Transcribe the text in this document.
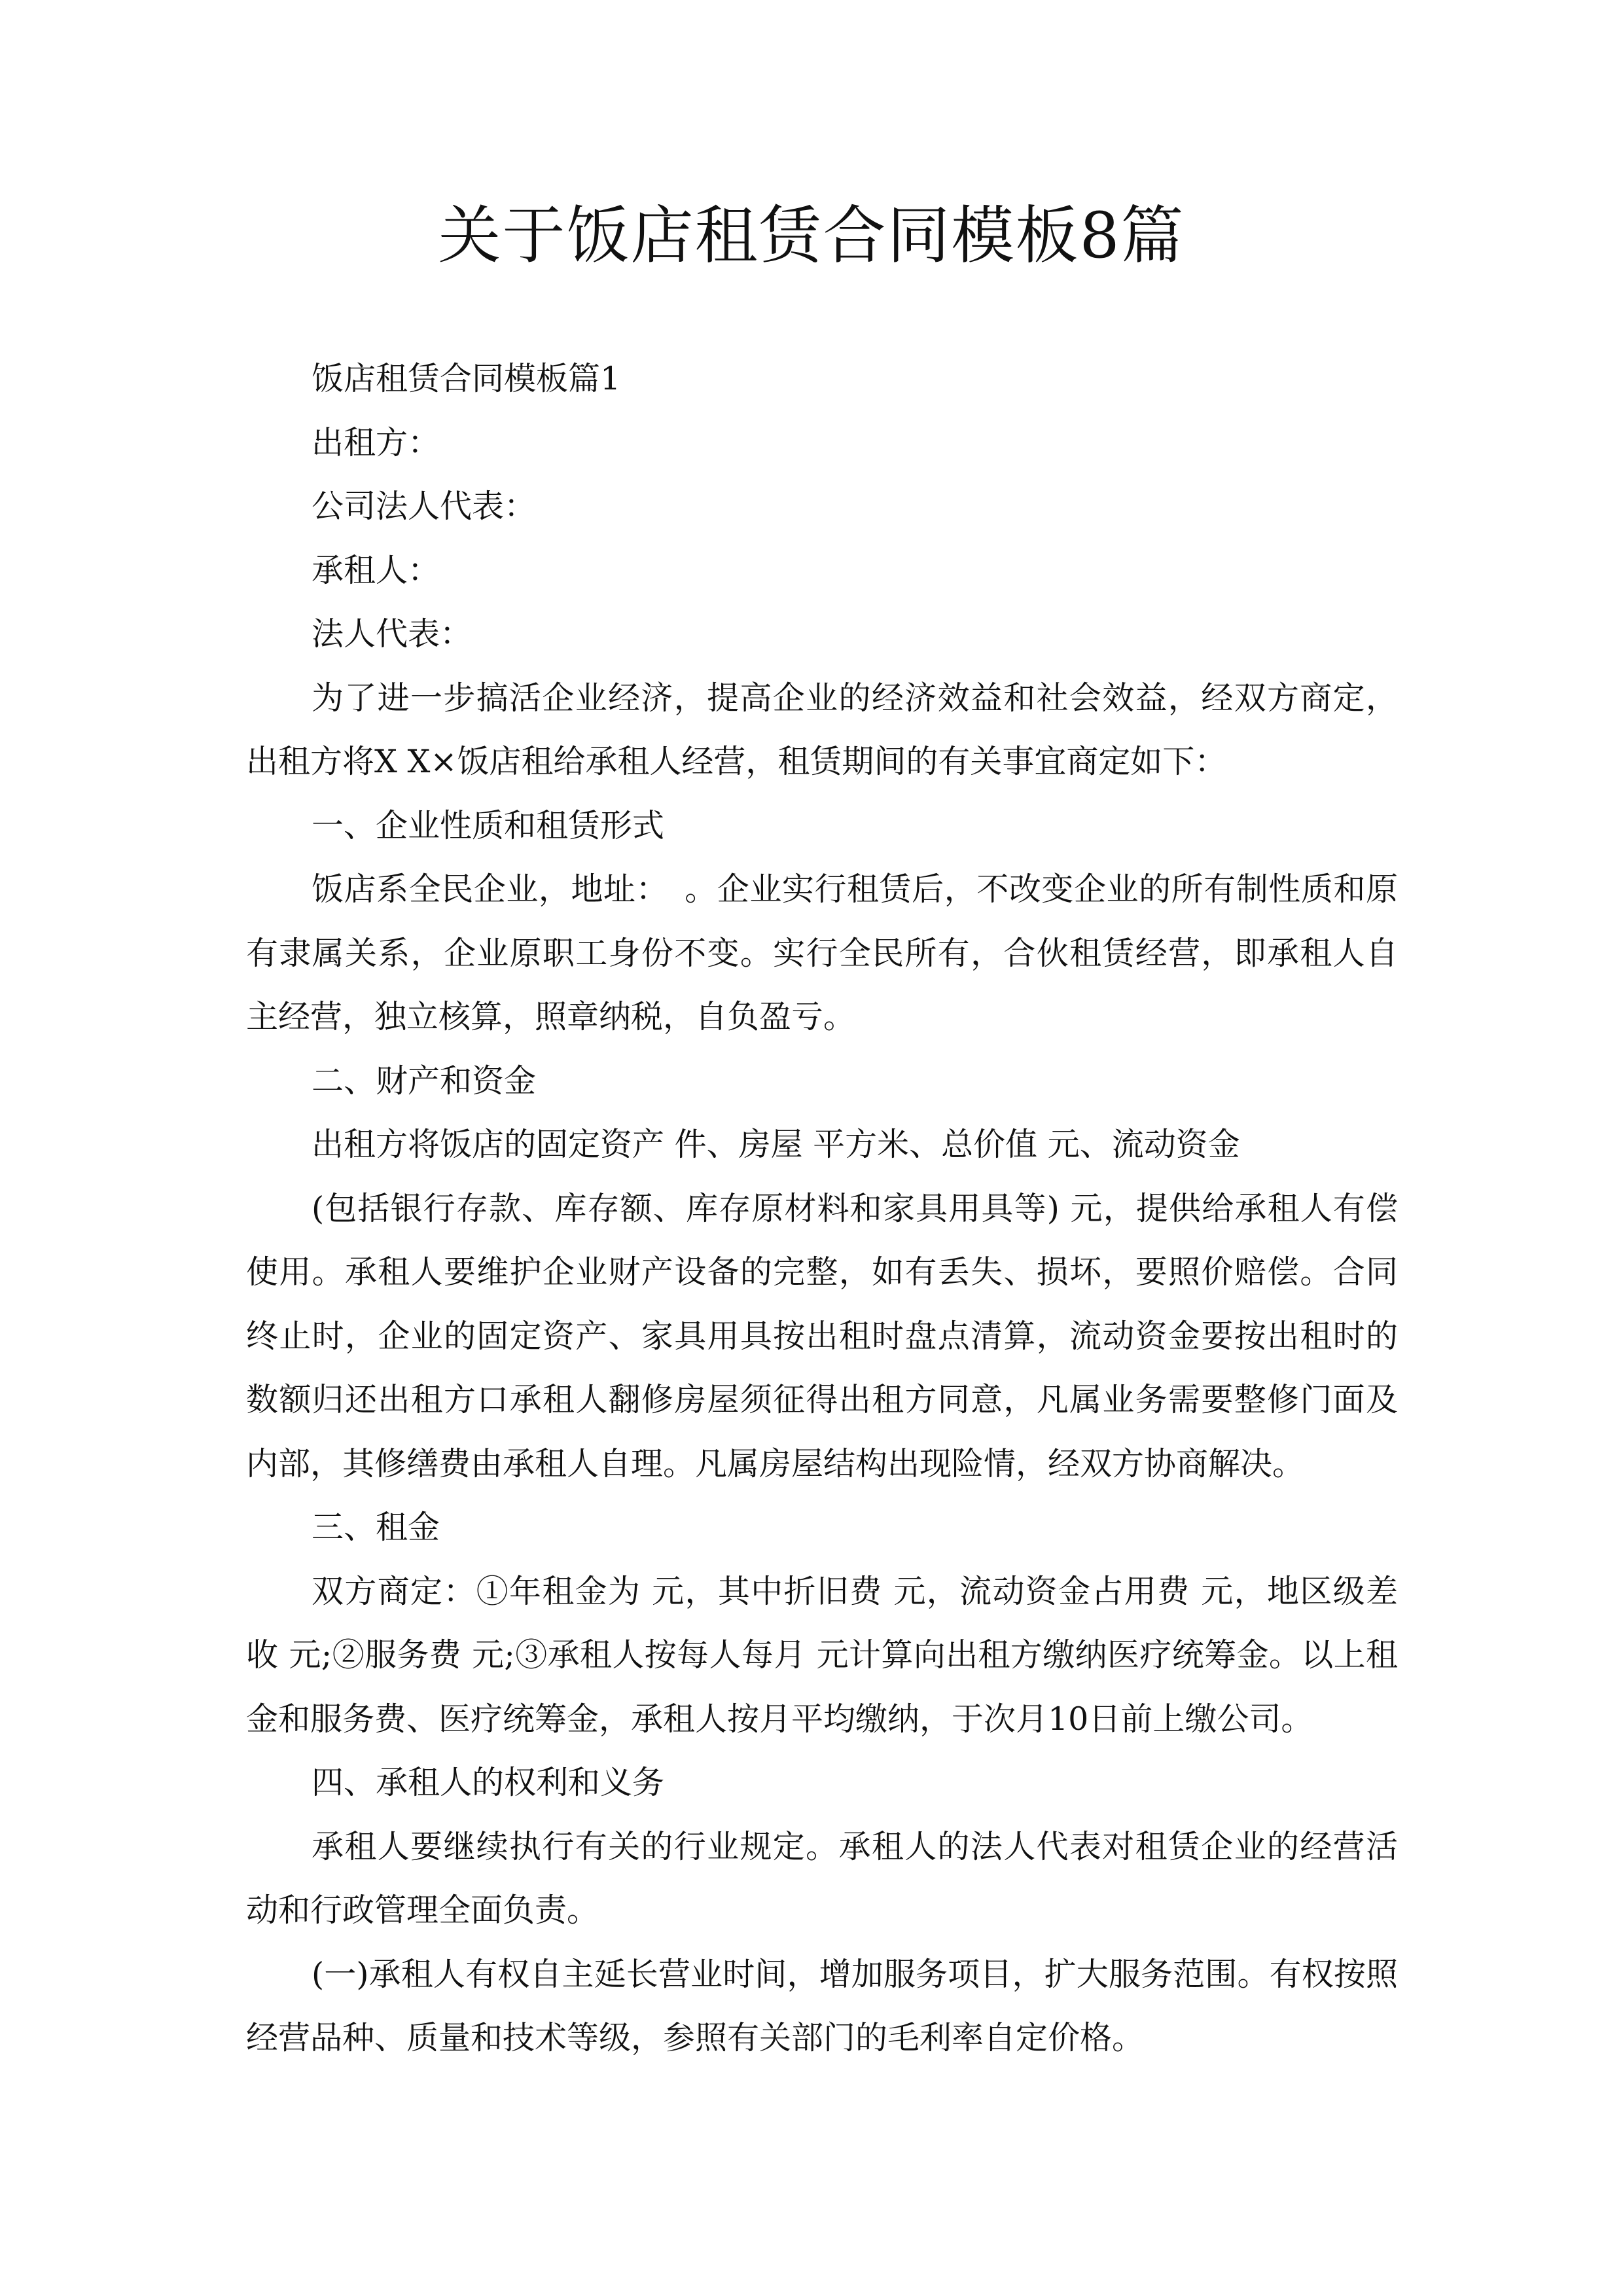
关于饭店租赁合同模板8篇

饭店租赁合同模板篇1

出租方：

公司法人代表：

承租人：

法人代表：

为了进一步搞活企业经济，提高企业的经济效益和社会效益，经双方商定，出租方将X X×饭店租给承租人经营，租赁期间的有关事宜商定如下：

一、企业性质和租赁形式

饭店系全民企业，地址：　。企业实行租赁后，不改变企业的所有制性质和原有隶属关系，企业原职工身份不变。实行全民所有，合伙租赁经营，即承租人自主经营，独立核算，照章纳税，自负盈亏。

二、财产和资金

出租方将饭店的固定资产 件、房屋 平方米、总价值 元、流动资金

(包括银行存款、库存额、库存原材料和家具用具等) 元，提供给承租人有偿使用。承租人要维护企业财产设备的完整，如有丢失、损坏，要照价赔偿。合同终止时，企业的固定资产、家具用具按出租时盘点清算，流动资金要按出租时的数额归还出租方口承租人翻修房屋须征得出租方同意，凡属业务需要整修门面及内部，其修缮费由承租人自理。凡属房屋结构出现险情，经双方协商解决。

三、租金

双方商定：①年租金为 元，其中折旧费 元，流动资金占用费 元，地区级差收 元;②服务费 元;③承租人按每人每月 元计算向出租方缴纳医疗统筹金。以上租金和服务费、医疗统筹金，承租人按月平均缴纳，于次月10日前上缴公司。

四、承租人的权利和义务

承租人要继续执行有关的行业规定。承租人的法人代表对租赁企业的经营活动和行政管理全面负责。

(一)承租人有权自主延长营业时间，增加服务项目，扩大服务范围。有权按照经营品种、质量和技术等级，参照有关部门的毛利率自定价格。
